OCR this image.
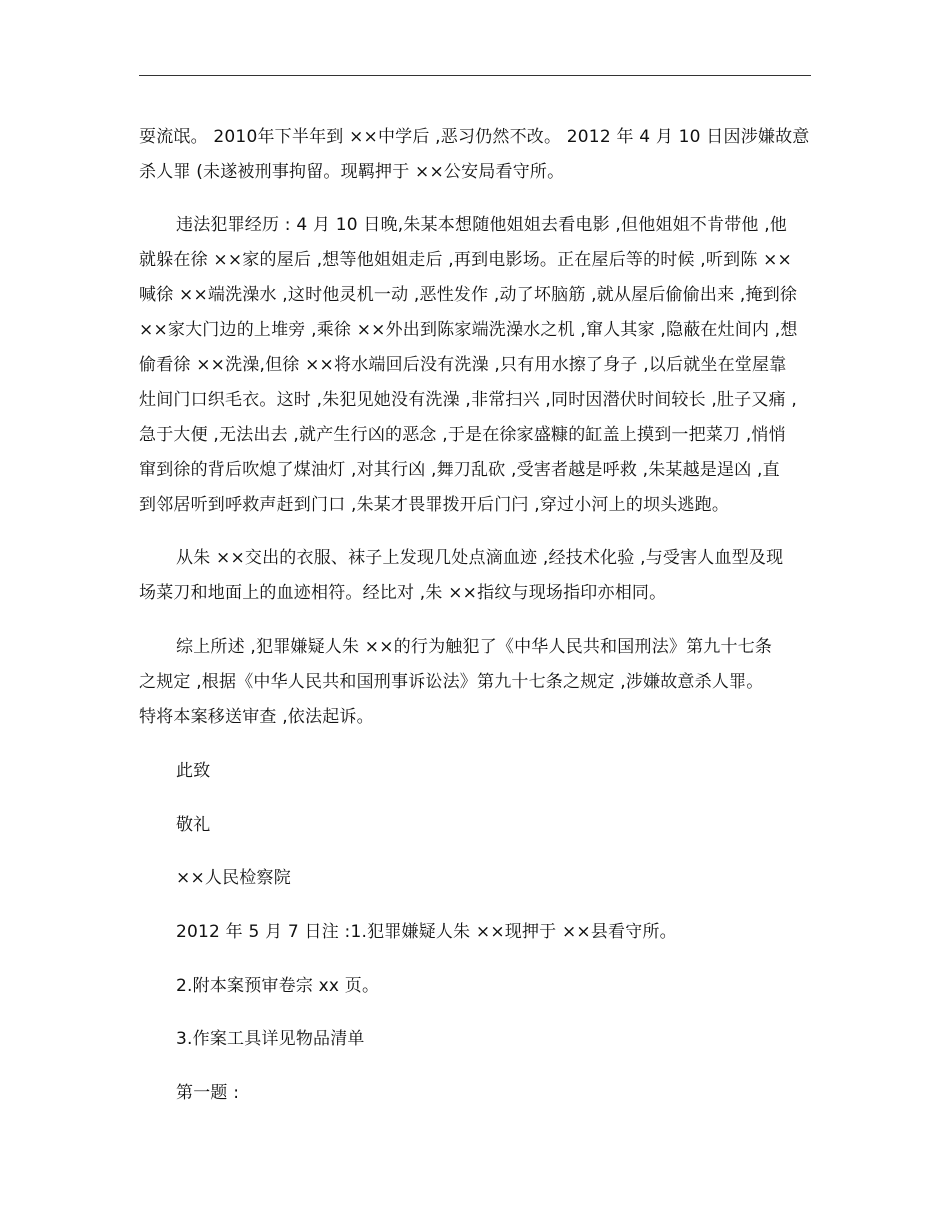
耍流氓。 2010年下半年到 ××中学后 ,恶习仍然不改。 2012 年 4 月 10 日因涉嫌故意
杀人罪 (未遂被刑事拘留。现羁押于 ××公安局看守所。
违法犯罪经历 : 4 月 10 日晚,朱某本想随他姐姐去看电影 ,但他姐姐不肯带他 ,他
就躲在徐 ××家的屋后 ,想等他姐姐走后 ,再到电影场。正在屋后等的时候 ,听到陈 ××
喊徐 ××端洗澡水 ,这时他灵机一动 ,恶性发作 ,动了坏脑筋 ,就从屋后偷偷出来 ,掩到徐
××家大门边的上堆旁 ,乘徐 ××外出到陈家端洗澡水之机 ,窜人其家 ,隐蔽在灶间内 ,想
偷看徐 ××洗澡,但徐 ××将水端回后没有洗澡 ,只有用水擦了身子 ,以后就坐在堂屋靠
灶间门口织毛衣。这时 ,朱犯见她没有洗澡 ,非常扫兴 ,同时因潜伏时间较长 ,肚子又痛 ,
急于大便 ,无法出去 ,就产生行凶的恶念 ,于是在徐家盛糠的缸盖上摸到一把菜刀 ,悄悄
窜到徐的背后吹熄了煤油灯 ,对其行凶 ,舞刀乱砍 ,受害者越是呼救 ,朱某越是逞凶 ,直
到邻居听到呼救声赶到门口 ,朱某才畏罪拨开后门闩 ,穿过小河上的坝头逃跑。
从朱 ××交出的衣服、袜子上发现几处点滴血迹 ,经技术化验 ,与受害人血型及现
场菜刀和地面上的血迹相符。经比对 ,朱 ××指纹与现场指印亦相同。
综上所述 ,犯罪嫌疑人朱 ××的行为触犯了《中华人民共和国刑法》第九十七条
之规定 ,根据《中华人民共和国刑事诉讼法》第九十七条之规定 ,涉嫌故意杀人罪。
特将本案移送审查 ,依法起诉。
此致
敬礼
××人民检察院
2012 年 5 月 7 日注 :1.犯罪嫌疑人朱 ××现押于 ××县看守所。
2.附本案预审卷宗 xx 页。
3.作案工具详见物品清单
第一题 :
